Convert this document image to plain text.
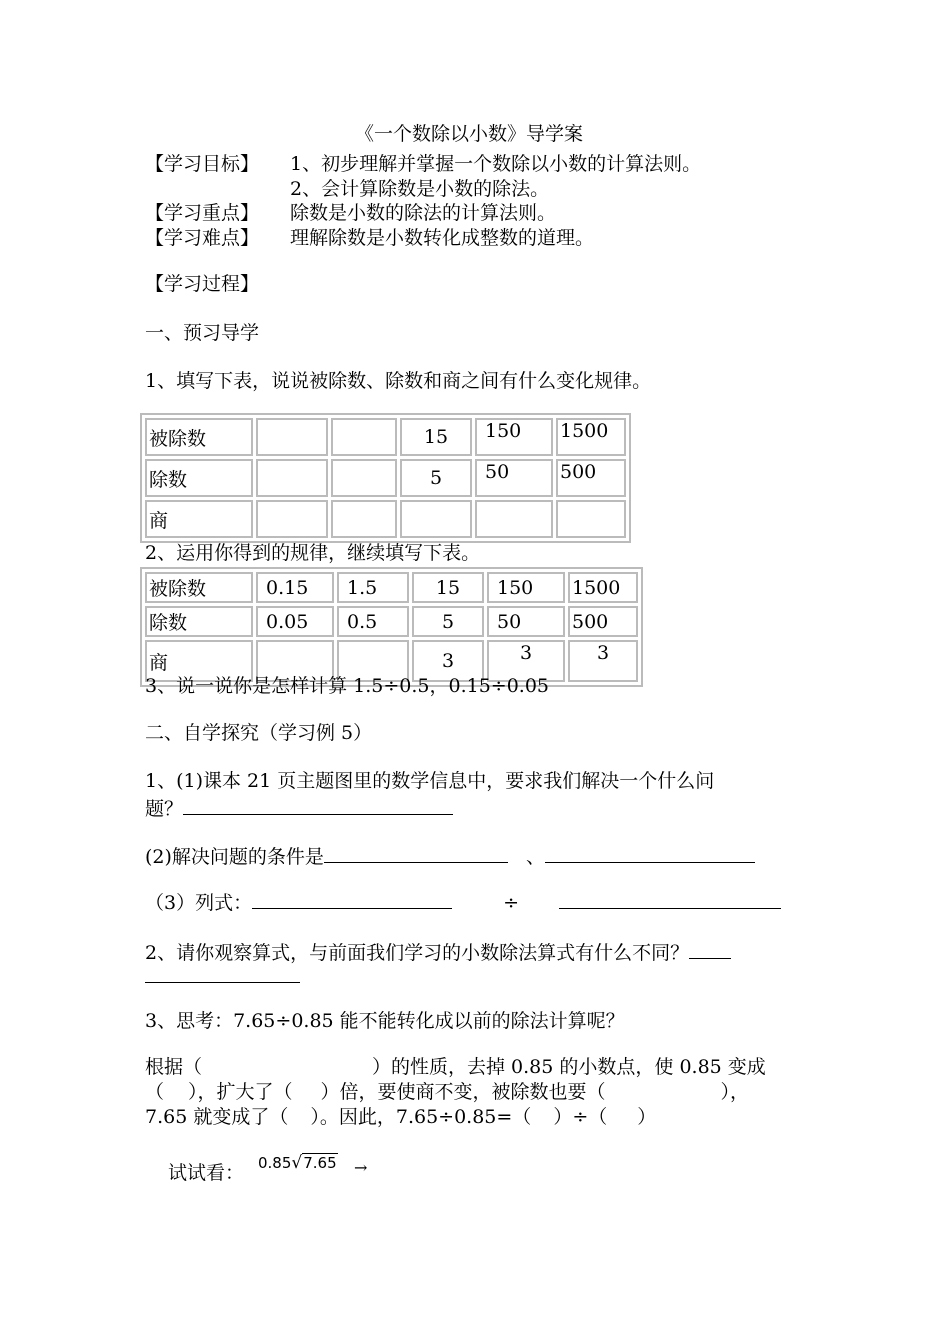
《一个数除以小数》导学案
【学习目标】 1、初步理解并掌握一个数除以小数的计算法则。
2、会计算除数是小数的除法。
【学习重点】 除数是小数的除法的计算法则。
【学习难点】 理解除数是小数转化成整数的道理。
【学习过程】
一、预习导学
1、填写下表，说说被除数、除数和商之间有什么变化规律。
被除数			15	150	1500
除数			5	50	500
商					
2、运用你得到的规律，继续填写下表。
被除数	0.15	1.5	15	150	1500
除数	0.05	0.5	5	50	500
商			3	3	3
3、说一说你是怎样计算 1.5÷0.5，0.15÷0.05
二、自学探究（学习例 5）
1、(1)课本 21 页主题图里的数学信息中，要求我们解决一个什么问
题？
(2)解决问题的条件是	、
（3）列式：	÷
2、请你观察算式，与前面我们学习的小数除法算式有什么不同？
3、思考：7.65÷0.85 能不能转化成以前的除法计算呢？
根据（	）的性质，去掉 0.85 的小数点，使 0.85 变成
（ ），扩大了（ ）倍，要使商不变，被除数也要（	），
7.65 就变成了（ ）。因此，7.65÷0.85=（ ）÷（ ）
试试看： 0.85√7.65 →
